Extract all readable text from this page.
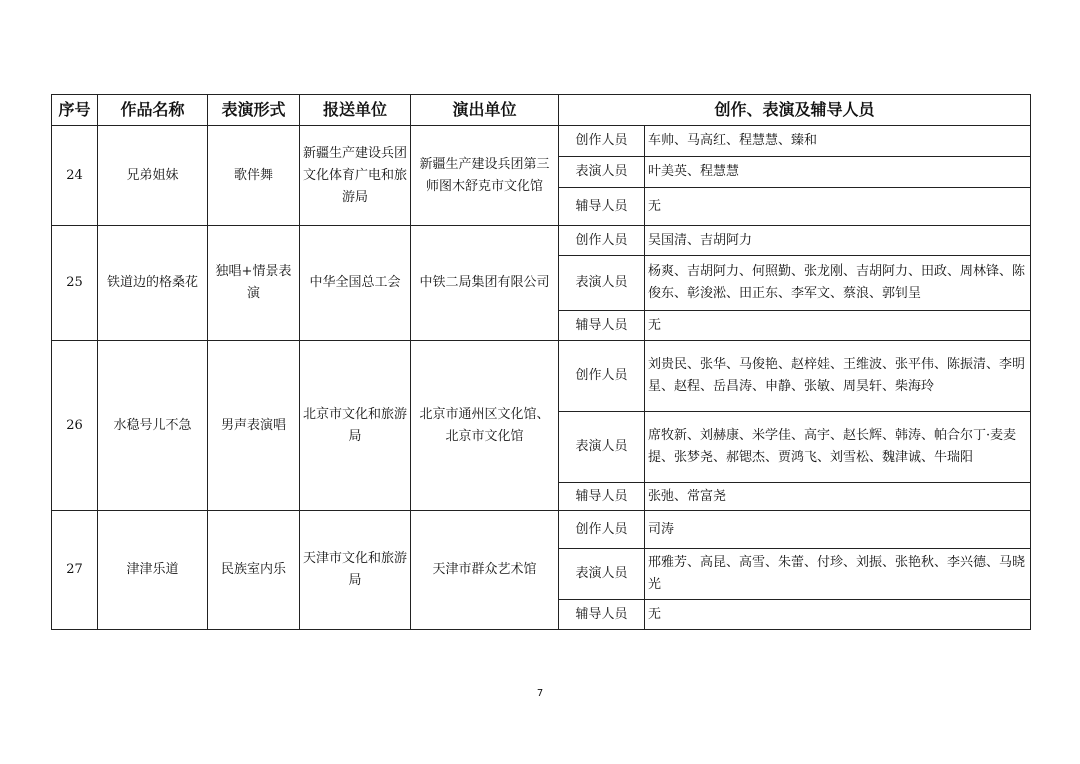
序号	作品名称	表演形式	报送单位	演出单位	创作、表演及辅导人员	
24	兄弟姐妹	歌伴舞	新疆生产建设兵团文化体育广电和旅游局	新疆生产建设兵团第三师图木舒克市文化馆	创作人员	车帅、马高红、程慧慧、臻和
					表演人员	叶美英、程慧慧
					辅导人员	无
25	铁道边的格桑花	独唱+情景表演	中华全国总工会	中铁二局集团有限公司	创作人员	吴国清、吉胡阿力
					表演人员	杨爽、吉胡阿力、何照勤、张龙刚、吉胡阿力、田政、周林锋、陈俊东、彰浚淞、田正东、李军文、蔡浪、郭钊呈
					辅导人员	无
26	水稳号儿不急	男声表演唱	北京市文化和旅游局	北京市通州区文化馆、北京市文化馆	创作人员	刘贵民、张华、马俊艳、赵梓娃、王维波、张平伟、陈振清、李明星、赵程、岳昌涛、申静、张敏、周昊轩、柴海玲
					表演人员	席牧新、刘赫康、米学佳、高宇、赵长辉、韩涛、帕合尔丁·麦麦提、张梦尧、郝锶杰、贾鸿飞、刘雪松、魏津诚、牛瑞阳
					辅导人员	张弛、常富尧
27	津津乐道	民族室内乐	天津市文化和旅游局	天津市群众艺术馆	创作人员	司涛
					表演人员	邢雅芳、高昆、高雪、朱蕾、付珍、刘振、张艳秋、李兴德、马晓光
					辅导人员	无
7
